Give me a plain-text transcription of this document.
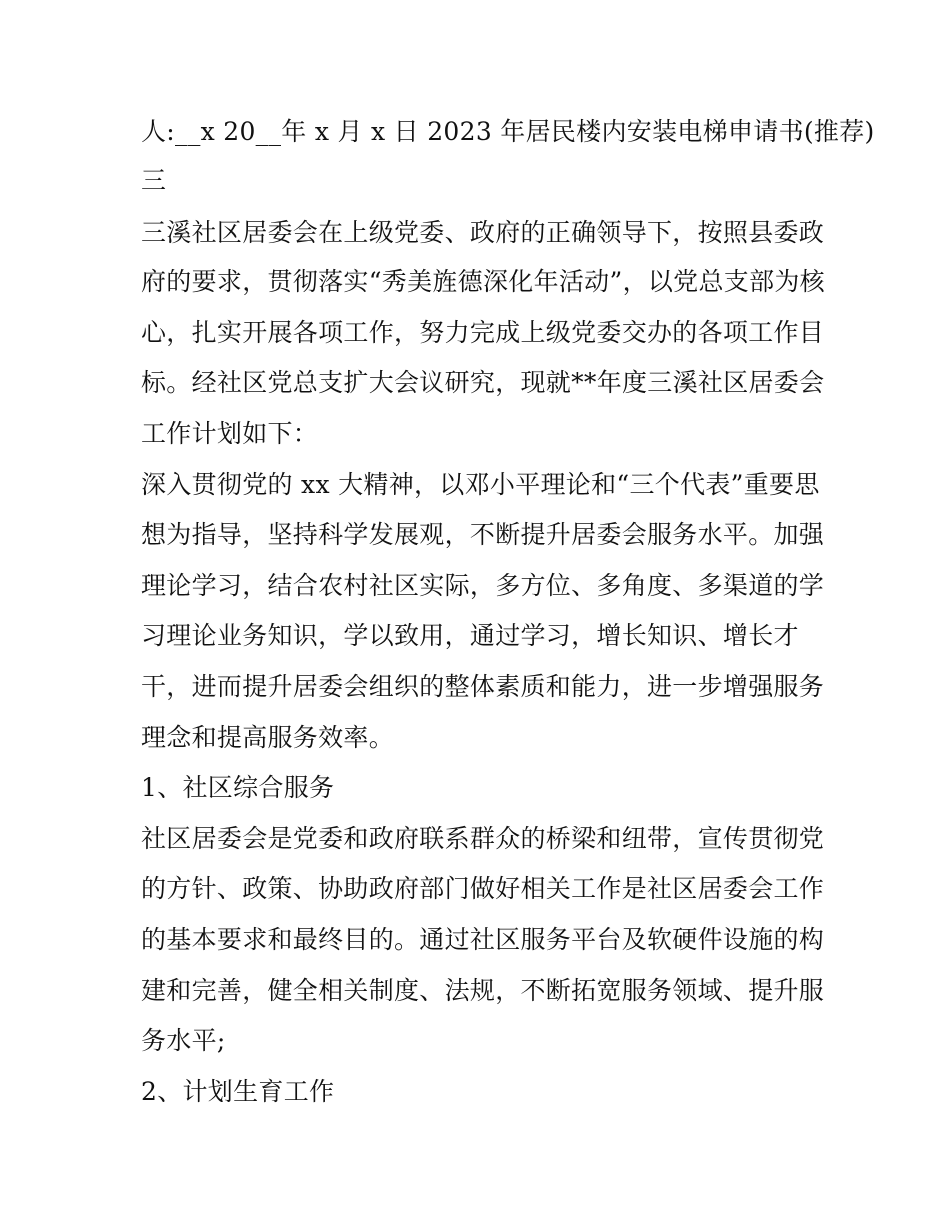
人:__x 20__年 x 月 x 日 2023 年居民楼内安装电梯申请书(推荐)
三
三溪社区居委会在上级党委、政府的正确领导下，按照县委政
府的要求，贯彻落实“秀美旌德深化年活动”，以党总支部为核
心，扎实开展各项工作，努力完成上级党委交办的各项工作目
标。经社区党总支扩大会议研究，现就**年度三溪社区居委会
工作计划如下：
深入贯彻党的 xx 大精神，以邓小平理论和“三个代表”重要思
想为指导，坚持科学发展观，不断提升居委会服务水平。加强
理论学习，结合农村社区实际，多方位、多角度、多渠道的学
习理论业务知识，学以致用，通过学习，增长知识、增长才
干，进而提升居委会组织的整体素质和能力，进一步增强服务
理念和提高服务效率。
1、社区综合服务
社区居委会是党委和政府联系群众的桥梁和纽带，宣传贯彻党
的方针、政策、协助政府部门做好相关工作是社区居委会工作
的基本要求和最终目的。通过社区服务平台及软硬件设施的构
建和完善，健全相关制度、法规，不断拓宽服务领域、提升服
务水平;
2、计划生育工作
